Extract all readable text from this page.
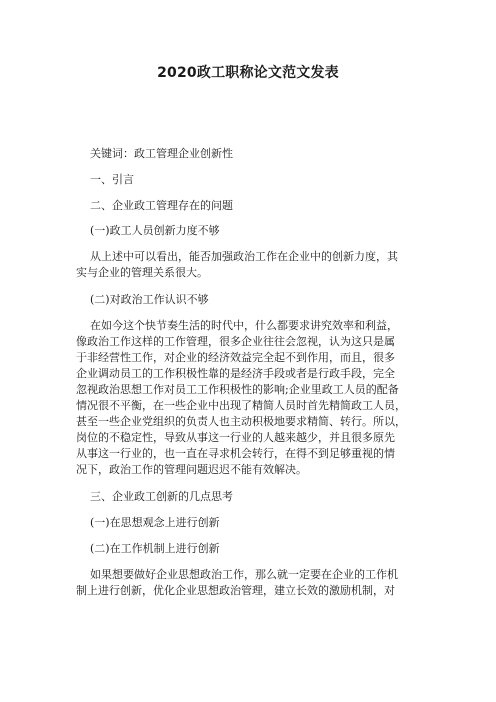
2020政工职称论文范文发表
关键词：政工管理企业创新性
一、引言
二、企业政工管理存在的问题
(一)政工人员创新力度不够
从上述中可以看出，能否加强政治工作在企业中的创新力度，其
实与企业的管理关系很大。
(二)对政治工作认识不够
在如今这个快节奏生活的时代中，什么都要求讲究效率和利益，
像政治工作这样的工作管理，很多企业往往会忽视，认为这只是属
于非经营性工作，对企业的经济效益完全起不到作用，而且，很多
企业调动员工的工作积极性靠的是经济手段或者是行政手段，完全
忽视政治思想工作对员工工作积极性的影响;企业里政工人员的配备
情况很不平衡，在一些企业中出现了精简人员时首先精简政工人员，
甚至一些企业党组织的负责人也主动积极地要求精简、转行。所以，
岗位的不稳定性，导致从事这一行业的人越来越少，并且很多原先
从事这一行业的，也一直在寻求机会转行，在得不到足够重视的情
况下，政治工作的管理问题迟迟不能有效解决。
三、企业政工创新的几点思考
(一)在思想观念上进行创新
(二)在工作机制上进行创新
如果想要做好企业思想政治工作，那么就一定要在企业的工作机
制上进行创新，优化企业思想政治管理，建立长效的激励机制，对
